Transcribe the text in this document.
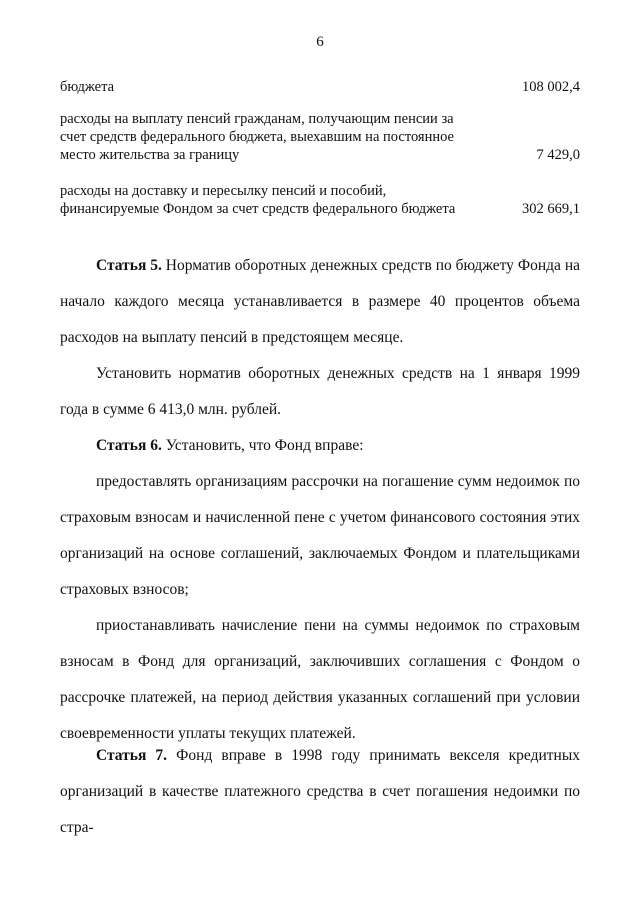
6
бюджета	108 002,4
расходы на выплату пенсий гражданам, получающим пенсии за счет средств федерального бюджета, выехавшим на постоянное место жительства за границу	7 429,0
расходы на доставку и пересылку пенсий и пособий, финансируемые Фондом за счет средств федерального бюджета	302 669,1

Статья 5. Норматив оборотных денежных средств по бюджету Фонда на начало каждого месяца устанавливается в размере 40 процентов объема расходов на выплату пенсий в предстоящем месяце.

Установить норматив оборотных денежных средств на 1 января 1999 года в сумме 6 413,0 млн. рублей.

Статья 6. Установить, что Фонд вправе:

предоставлять организациям рассрочки на погашение сумм недоимок по страховым взносам и начисленной пене с учетом финансового состояния этих организаций на основе соглашений, заключаемых Фондом и плательщиками страховых взносов;

приостанавливать начисление пени на суммы недоимок по страховым взносам в Фонд для организаций, заключивших соглашения с Фондом о рассрочке платежей, на период действия указанных соглашений при условии своевременности уплаты текущих платежей.

Статья 7. Фонд вправе в 1998 году принимать векселя кредитных организаций в качестве платежного средства в счет погашения недоимки по стра-
